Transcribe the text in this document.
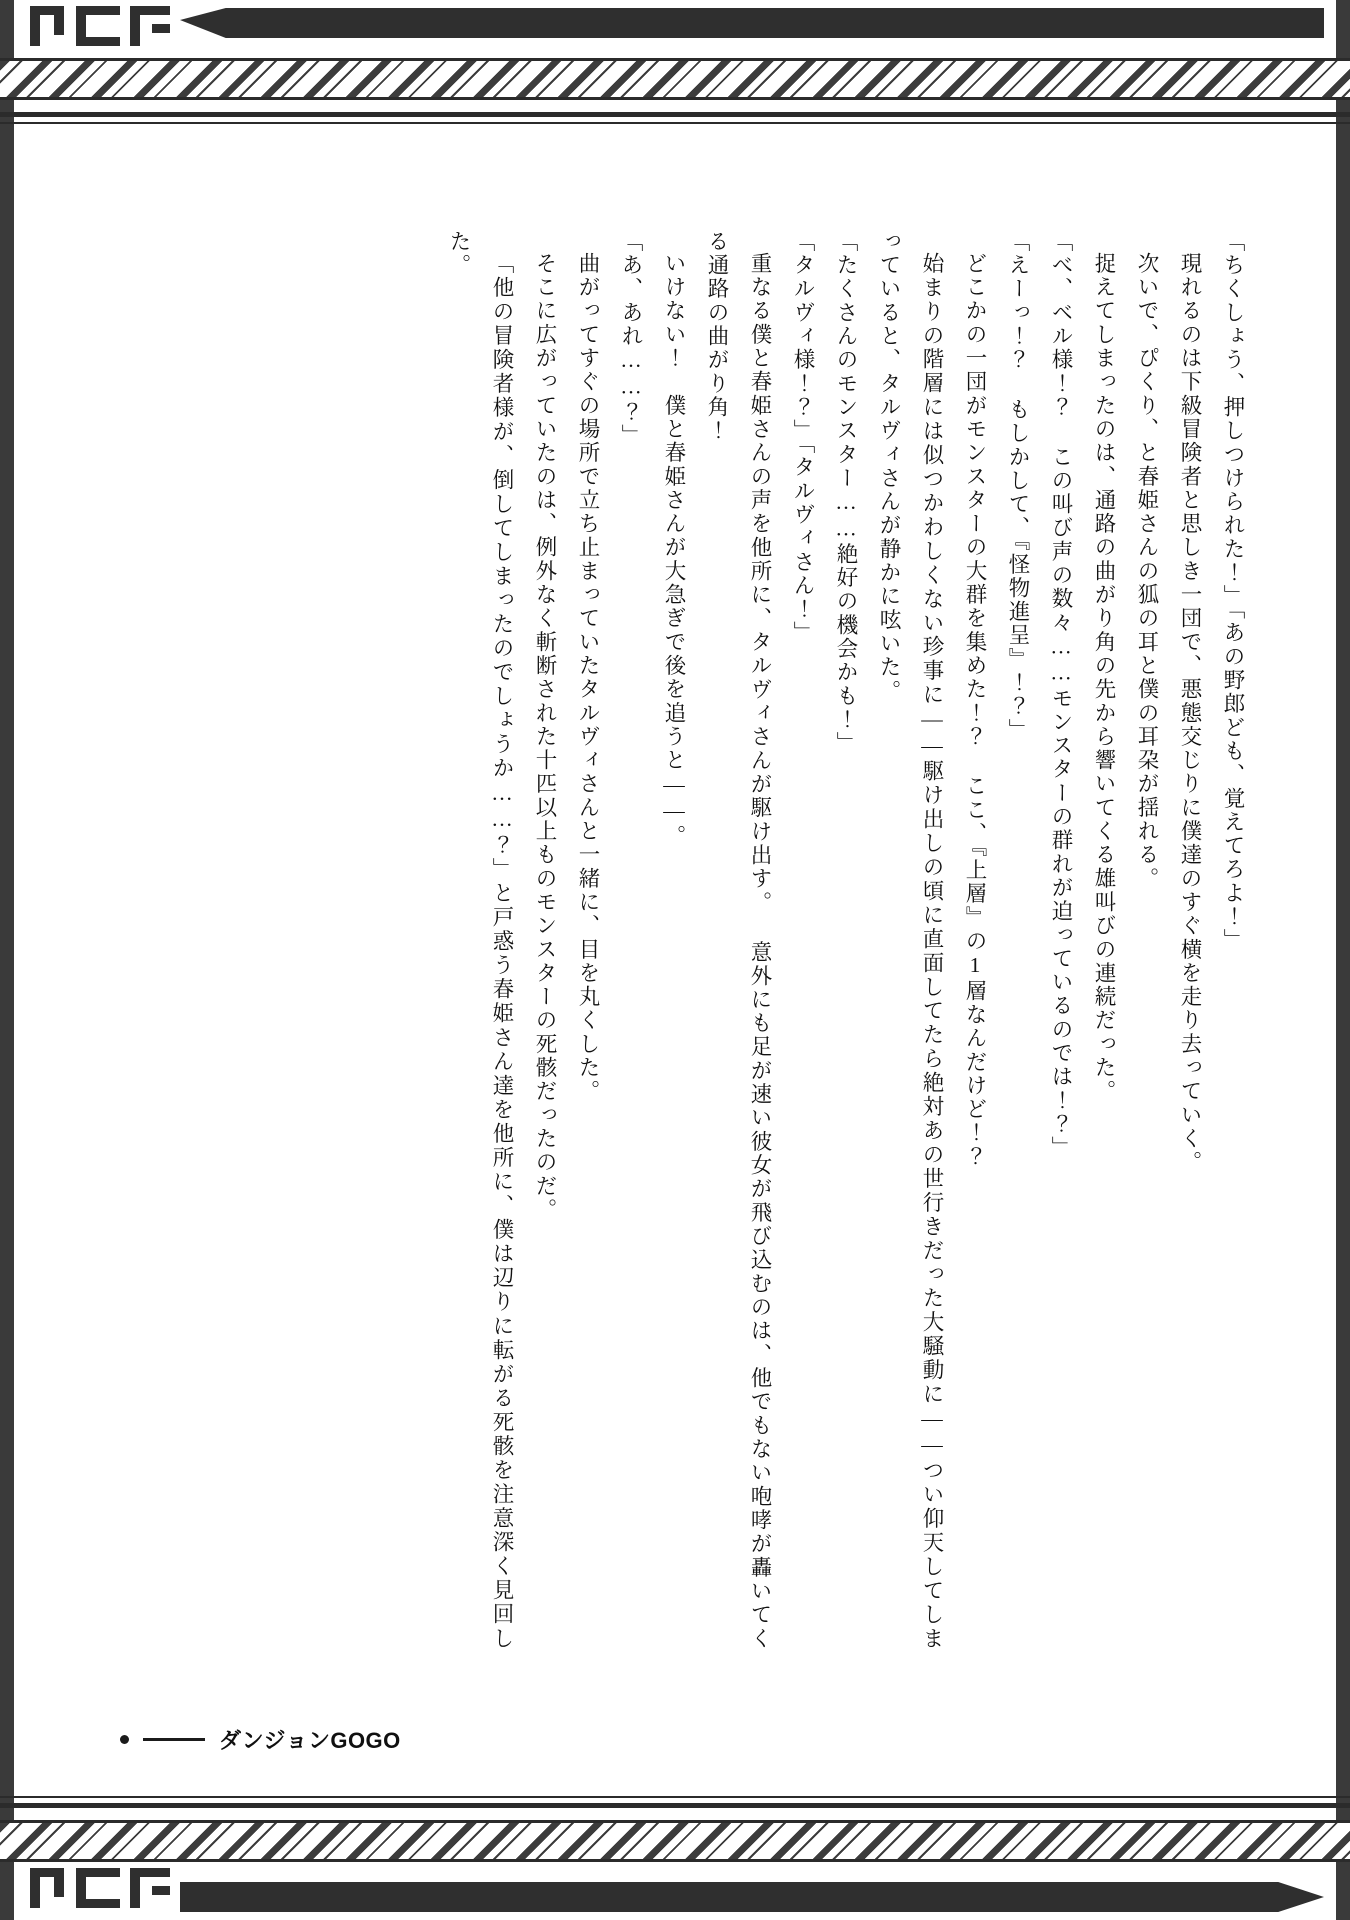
「ちくしょう、押しつけられた！」「あの野郎ども、覚えてろよ！」

現れるのは下級冒険者と思しき一団で、悪態交じりに僕達のすぐ横を走り去っていく。

次いで、ぴくり、と春姫さんの狐の耳と僕の耳朶が揺れる。

捉えてしまったのは、通路の曲がり角の先から響いてくる雄叫びの連続だった。

「べ、ベル様！？ この叫び声の数々……モンスターの群れが迫っているのでは！？」

「えーっ！？ もしかして、『怪物進呈』！？」

どこかの一団がモンスターの大群を集めた！？ ここ、『上層』の1層なんだけど！？

始まりの階層には似つかわしくない珍事に――駆け出しの頃に直面してたら絶対あの世行きだった大騒動に――つい仰天してしまっていると、タルヴィさんが静かに呟いた。

「たくさんのモンスター……絶好の機会かも！」

「タルヴィ様！？」「タルヴィさん！」

重なる僕と春姫さんの声を他所に、タルヴィさんが駆け出す。 意外にも足が速い彼女が飛び込むのは、他でもない咆哮が轟いてくる通路の曲がり角！

いけない！　僕と春姫さんが大急ぎで後を追うと――。

「あ、あれ……？」

曲がってすぐの場所で立ち止まっていたタルヴィさんと一緒に、目を丸くした。

そこに広がっていたのは、例外なく斬断された十匹以上ものモンスターの死骸だったのだ。

「他の冒険者様が、倒してしまったのでしょうか……？」と戸惑う春姫さん達を他所に、僕は辺りに転がる死骸を注意深く見回した。

ダンジョンGOGO
